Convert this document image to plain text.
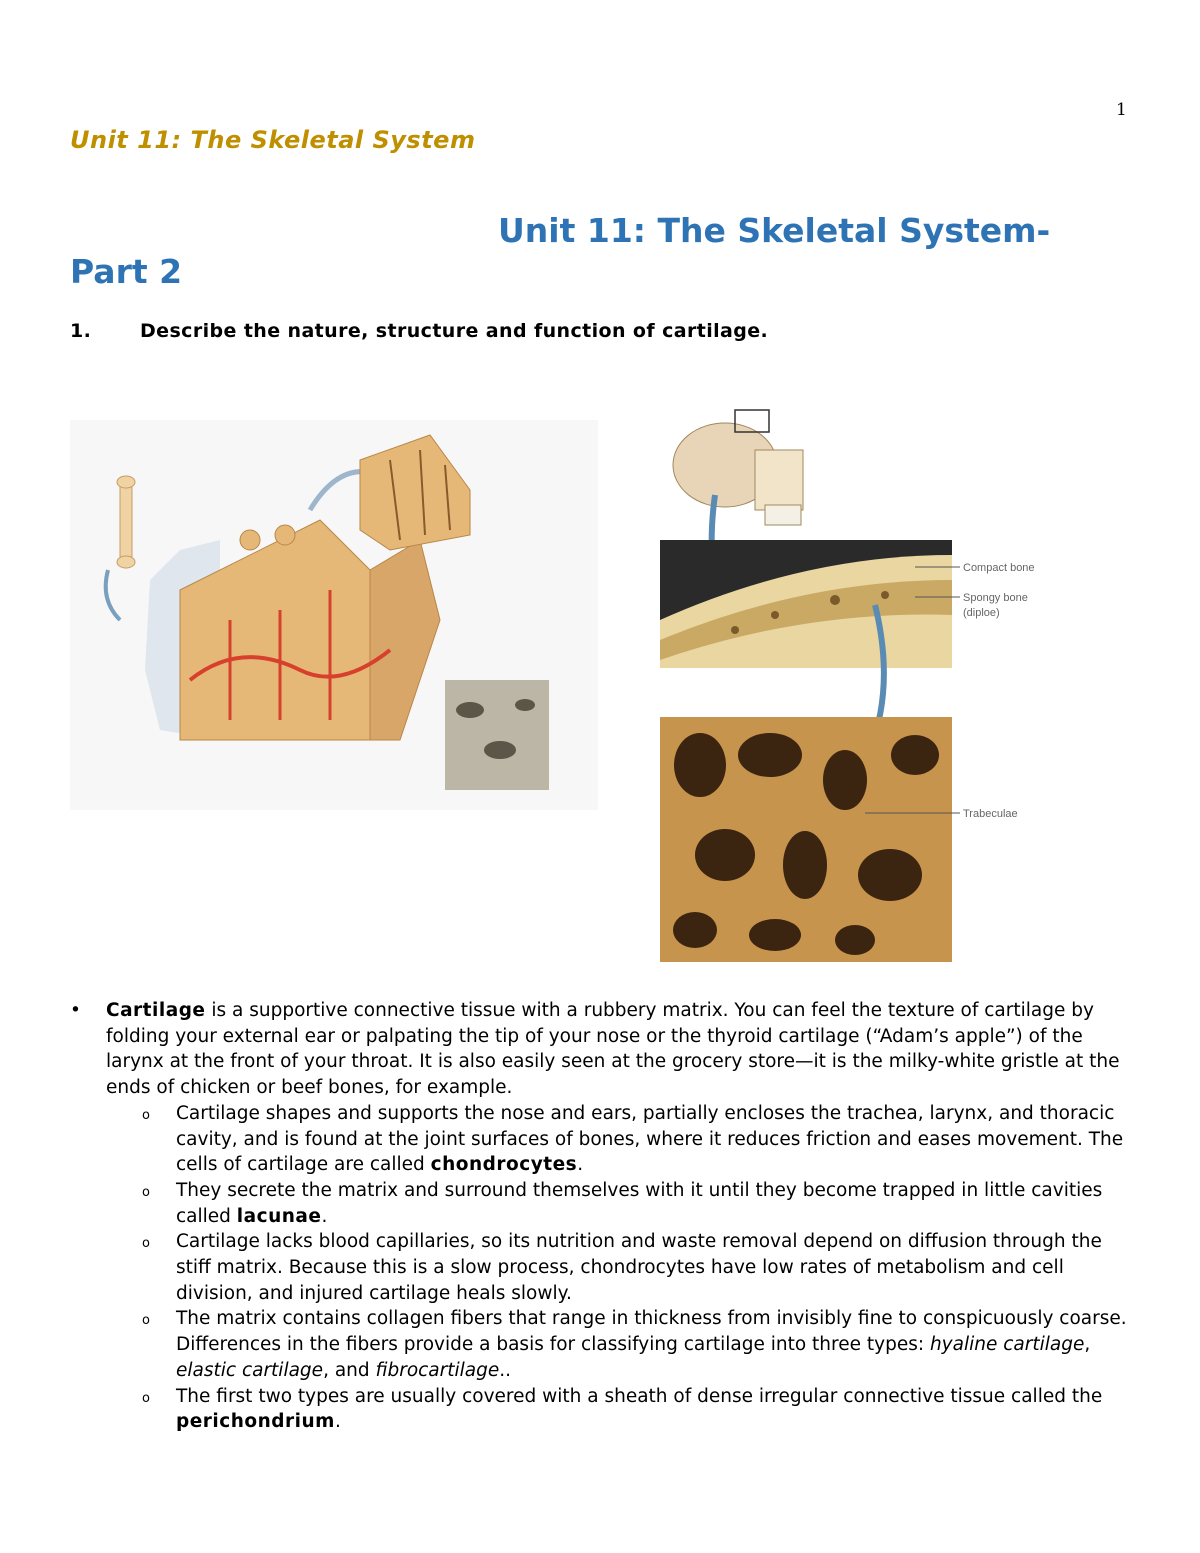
1
Unit 11: The Skeletal System
Unit 11: The Skeletal System- Part 2
1.	Describe the nature, structure and function of cartilage.
Compact bone
Spongy bone
(diploe)
Trabeculae
• Cartilage is a supportive connective tissue with a rubbery matrix. You can feel the texture of cartilage by folding your external ear or palpating the tip of your nose or the thyroid cartilage (“Adam’s apple”) of the larynx at the front of your throat. It is also easily seen at the grocery store—it is the milky-white gristle at the ends of chicken or beef bones, for example.
o Cartilage shapes and supports the nose and ears, partially encloses the trachea, larynx, and thoracic cavity, and is found at the joint surfaces of bones, where it reduces friction and eases movement. The cells of cartilage are called chondrocytes.
o They secrete the matrix and surround themselves with it until they become trapped in little cavities called lacunae.
o Cartilage lacks blood capillaries, so its nutrition and waste removal depend on diffusion through the stiff matrix. Because this is a slow process, chondrocytes have low rates of metabolism and cell division, and injured cartilage heals slowly.
o The matrix contains collagen fibers that range in thickness from invisibly fine to conspicuously coarse. Differences in the fibers provide a basis for classifying cartilage into three types: hyaline cartilage, elastic cartilage, and fibrocartilage..
o The first two types are usually covered with a sheath of dense irregular connective tissue called the perichondrium.
